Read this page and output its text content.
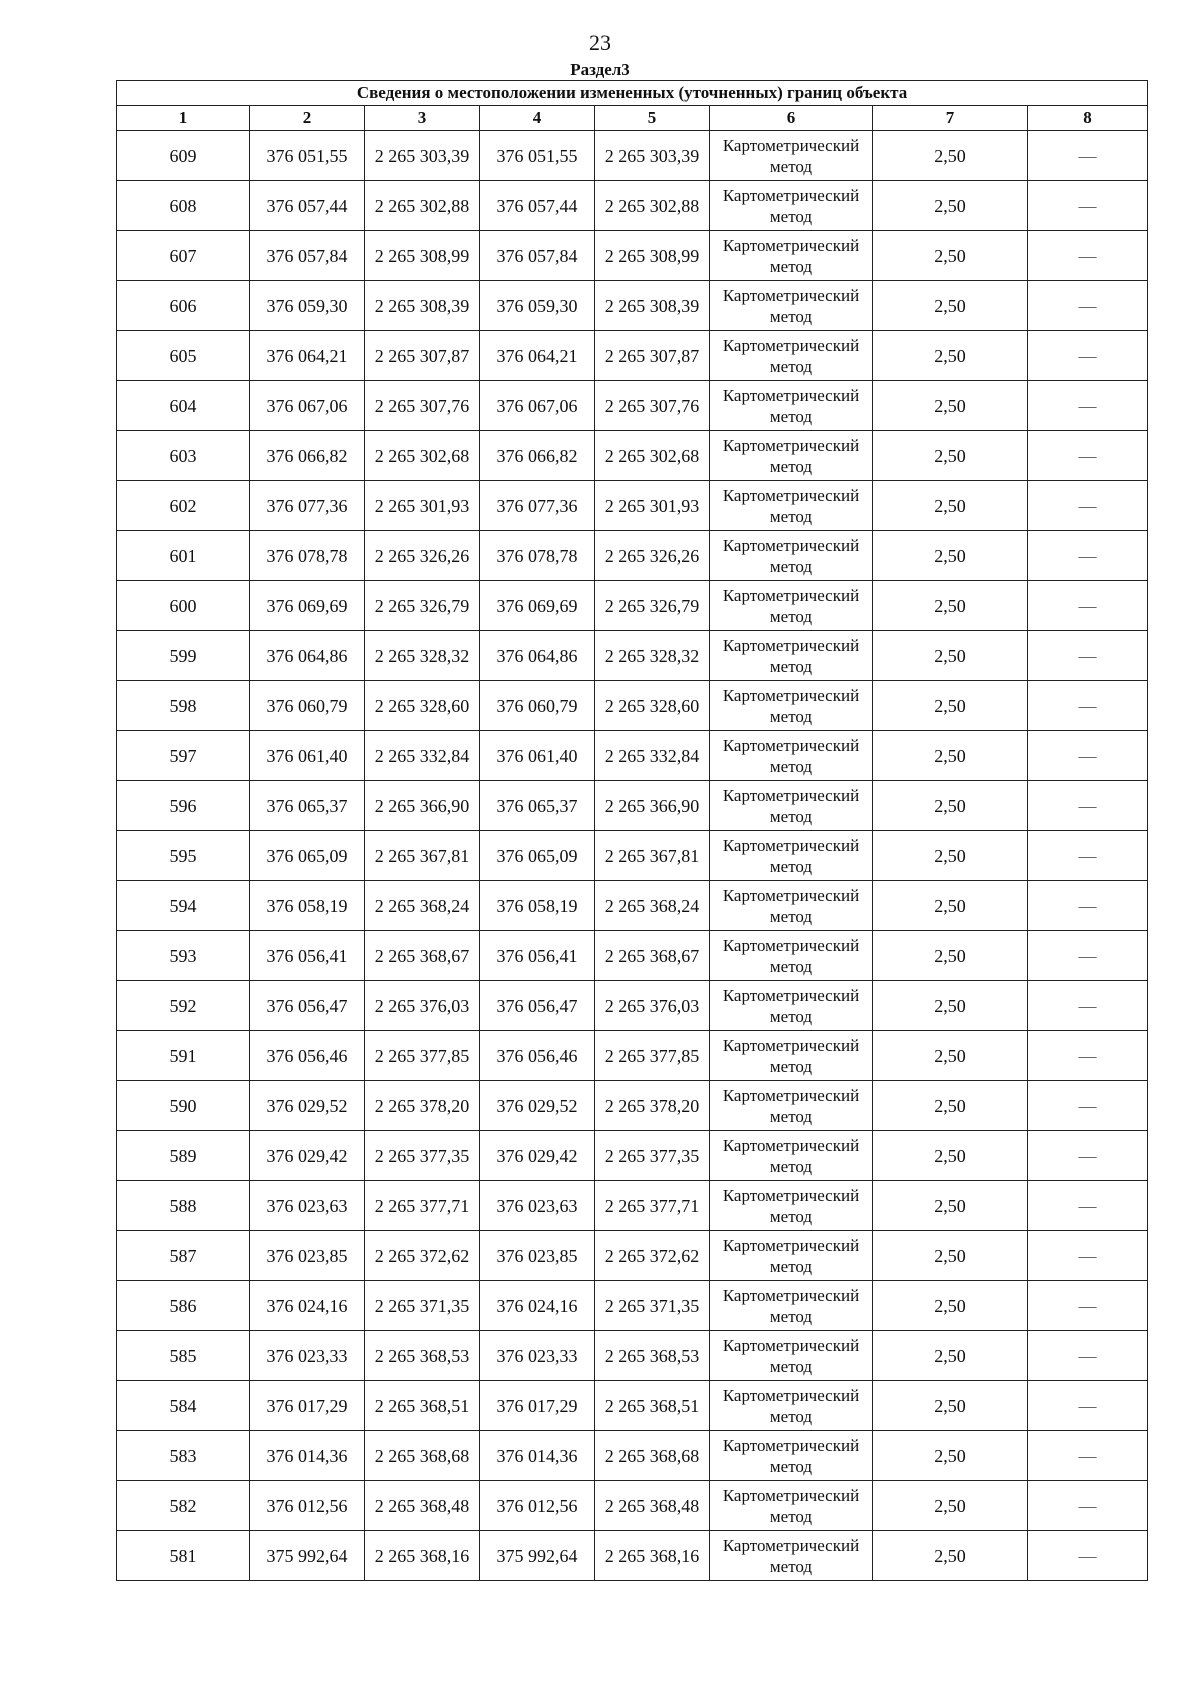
23
Раздел3
Сведения о местоположении измененных (уточненных) границ объекта							
1	2	3	4	5	6	7	8
609	376 051,55	2 265 303,39	376 051,55	2 265 303,39	Картометрический метод	2,50	—
608	376 057,44	2 265 302,88	376 057,44	2 265 302,88	Картометрический метод	2,50	—
607	376 057,84	2 265 308,99	376 057,84	2 265 308,99	Картометрический метод	2,50	—
606	376 059,30	2 265 308,39	376 059,30	2 265 308,39	Картометрический метод	2,50	—
605	376 064,21	2 265 307,87	376 064,21	2 265 307,87	Картометрический метод	2,50	—
604	376 067,06	2 265 307,76	376 067,06	2 265 307,76	Картометрический метод	2,50	—
603	376 066,82	2 265 302,68	376 066,82	2 265 302,68	Картометрический метод	2,50	—
602	376 077,36	2 265 301,93	376 077,36	2 265 301,93	Картометрический метод	2,50	—
601	376 078,78	2 265 326,26	376 078,78	2 265 326,26	Картометрический метод	2,50	—
600	376 069,69	2 265 326,79	376 069,69	2 265 326,79	Картометрический метод	2,50	—
599	376 064,86	2 265 328,32	376 064,86	2 265 328,32	Картометрический метод	2,50	—
598	376 060,79	2 265 328,60	376 060,79	2 265 328,60	Картометрический метод	2,50	—
597	376 061,40	2 265 332,84	376 061,40	2 265 332,84	Картометрический метод	2,50	—
596	376 065,37	2 265 366,90	376 065,37	2 265 366,90	Картометрический метод	2,50	—
595	376 065,09	2 265 367,81	376 065,09	2 265 367,81	Картометрический метод	2,50	—
594	376 058,19	2 265 368,24	376 058,19	2 265 368,24	Картометрический метод	2,50	—
593	376 056,41	2 265 368,67	376 056,41	2 265 368,67	Картометрический метод	2,50	—
592	376 056,47	2 265 376,03	376 056,47	2 265 376,03	Картометрический метод	2,50	—
591	376 056,46	2 265 377,85	376 056,46	2 265 377,85	Картометрический метод	2,50	—
590	376 029,52	2 265 378,20	376 029,52	2 265 378,20	Картометрический метод	2,50	—
589	376 029,42	2 265 377,35	376 029,42	2 265 377,35	Картометрический метод	2,50	—
588	376 023,63	2 265 377,71	376 023,63	2 265 377,71	Картометрический метод	2,50	—
587	376 023,85	2 265 372,62	376 023,85	2 265 372,62	Картометрический метод	2,50	—
586	376 024,16	2 265 371,35	376 024,16	2 265 371,35	Картометрический метод	2,50	—
585	376 023,33	2 265 368,53	376 023,33	2 265 368,53	Картометрический метод	2,50	—
584	376 017,29	2 265 368,51	376 017,29	2 265 368,51	Картометрический метод	2,50	—
583	376 014,36	2 265 368,68	376 014,36	2 265 368,68	Картометрический метод	2,50	—
582	376 012,56	2 265 368,48	376 012,56	2 265 368,48	Картометрический метод	2,50	—
581	375 992,64	2 265 368,16	375 992,64	2 265 368,16	Картометрический метод	2,50	—
